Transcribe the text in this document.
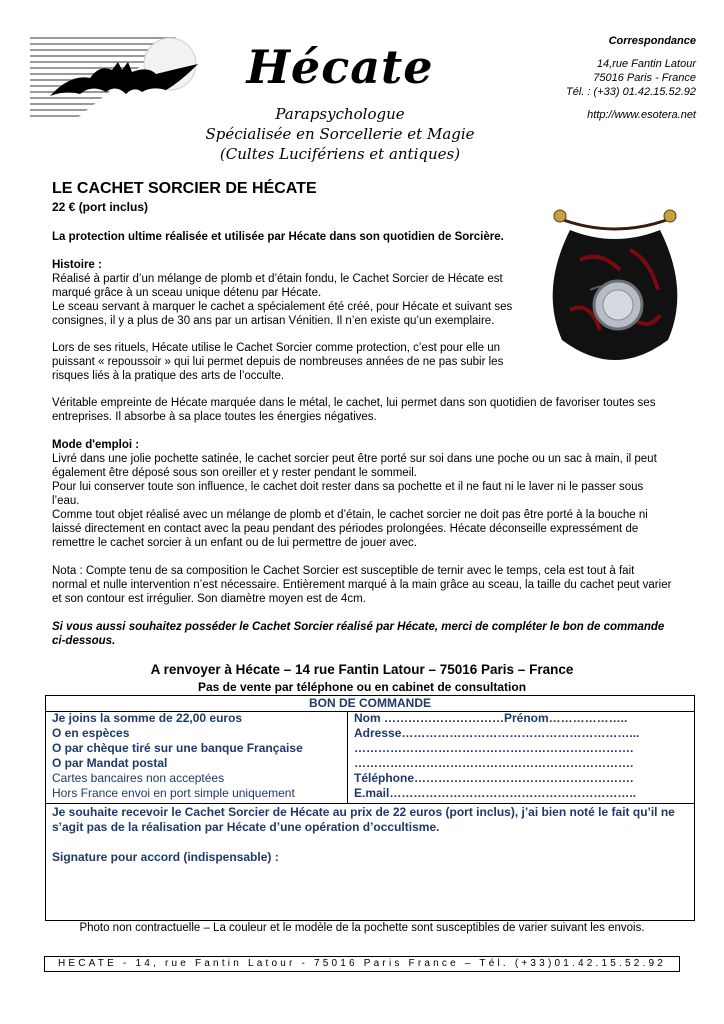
Hécate
Parapsychologue
Spécialisée en Sorcellerie et Magie
(Cultes Lucifériens et antiques)
Correspondance
14,rue Fantin Latour
75016 Paris - France
Tél. : (+33) 01.42.15.52.92
http://www.esotera.net
LE CACHET SORCIER DE HÉCATE
22 € (port inclus)
La protection ultime réalisée et utilisée par Hécate dans son quotidien de Sorcière.
Histoire :
Réalisé à partir d’un mélange de plomb et d’étain fondu, le Cachet Sorcier de Hécate est marqué grâce à un sceau unique détenu par Hécate.
Le sceau servant à marquer le cachet a spécialement été créé, pour Hécate et suivant ses consignes, il y a plus de 30 ans par un artisan Vénitien. Il n’en existe qu’un exemplaire.
Lors de ses rituels, Hécate utilise le Cachet Sorcier comme protection, c’est pour elle un puissant « repoussoir » qui lui permet depuis de nombreuses années de ne pas subir les risques liés à la pratique des arts de l’occulte.
Véritable empreinte de Hécate marquée dans le métal, le cachet, lui permet dans son quotidien de favoriser toutes ses entreprises. Il absorbe à sa place toutes les énergies négatives.
Mode d'emploi :
Livré dans une jolie pochette satinée, le cachet sorcier peut être porté sur soi dans une poche ou un sac à main, il peut également être déposé sous son oreiller et y rester pendant le sommeil.
Pour lui conserver toute son influence, le cachet doit rester dans sa pochette et il ne faut ni le laver ni le passer sous l’eau.
Comme tout objet réalisé avec un mélange de plomb et d’étain, le cachet sorcier ne doit pas être porté à la bouche ni laissé directement en contact avec la peau pendant des périodes prolongées. Hécate déconseille expressément de remettre le cachet sorcier à un enfant ou de lui permettre de jouer avec.
Nota : Compte tenu de sa composition le Cachet Sorcier est susceptible de ternir avec le temps, cela est tout à fait normal et nulle intervention n’est nécessaire. Entièrement marqué à la main grâce au sceau, la taille du cachet peut varier et son contour est irrégulier. Son diamètre moyen est de 4cm.
Si vous aussi souhaitez posséder le Cachet Sorcier réalisé par Hécate, merci de compléter le bon de commande ci-dessous.
A renvoyer à Hécate – 14 rue Fantin Latour – 75016 Paris – France
Pas de vente par téléphone ou en cabinet de consultation
BON DE COMMANDE
Je joins la somme de 22,00 euros
O en espèces
O par chèque tiré sur une banque Française
O par Mandat postal
Cartes bancaires non acceptées
Hors France envoi en port simple uniquement
Nom …………………………Prénom………………..
Adresse…………………………………………………...
…………………………………………………………….
…………………………………………………………….
Téléphone……………………………………………….
E.mail……………………………………………………..
Je souhaite recevoir le Cachet Sorcier de Hécate au prix de 22 euros (port inclus), j’ai bien noté le fait qu’il ne s’agit pas de la réalisation par Hécate d’une opération d’occultisme.
Signature pour accord (indispensable) :
Photo non contractuelle – La couleur et le modèle de la pochette sont susceptibles de varier suivant les envois.
HECATE - 14, rue Fantin Latour - 75016 Paris France – Tél. (+33)01.42.15.52.92
